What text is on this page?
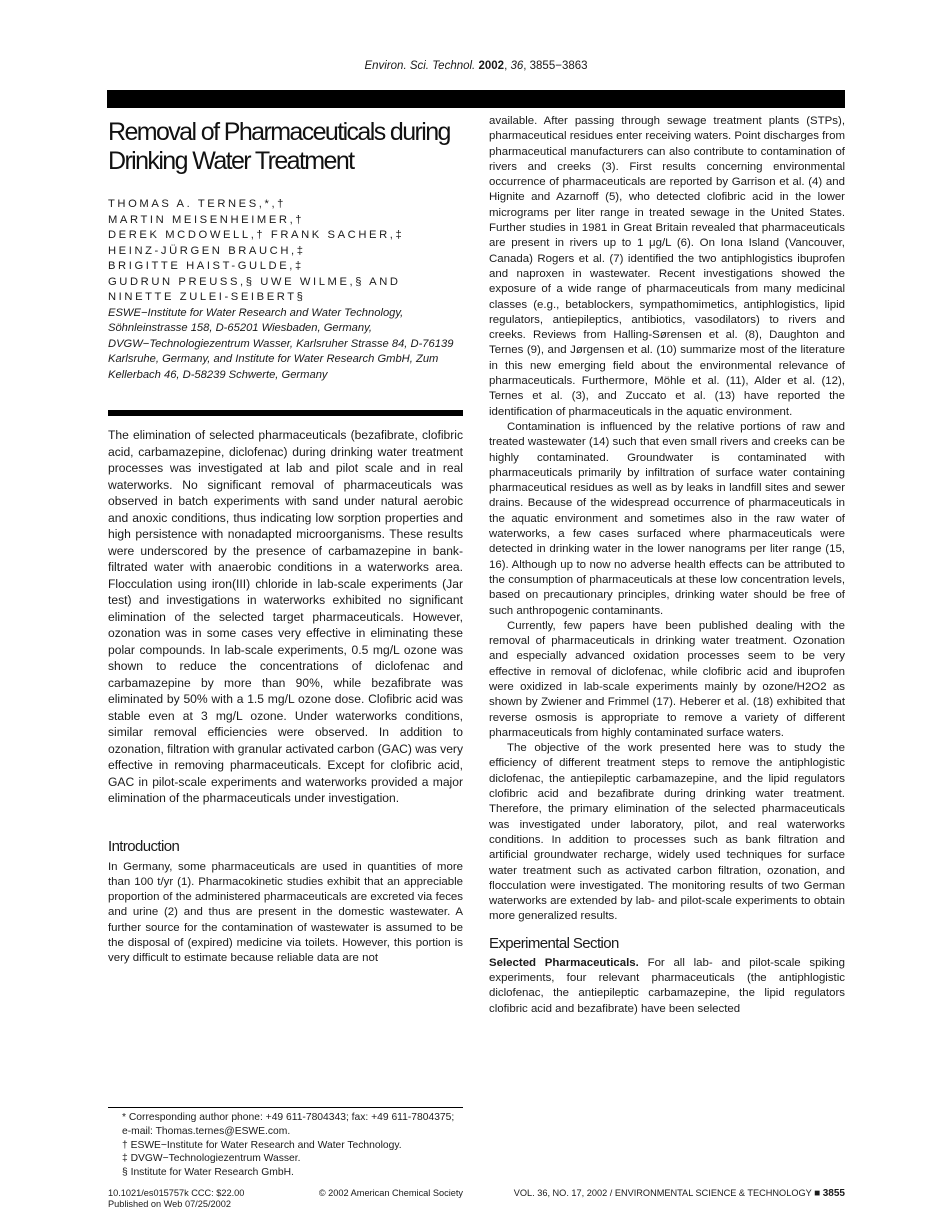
Environ. Sci. Technol. 2002, 36, 3855−3863
Removal of Pharmaceuticals during Drinking Water Treatment

THOMAS A. TERNES,*,†

MARTIN MEISENHEIMER,†

DEREK MCDOWELL,† FRANK SACHER,‡

HEINZ-JÜRGEN BRAUCH,‡

BRIGITTE HAIST-GULDE,‡

GUDRUN PREUSS,§ UWE WILME,§ AND

NINETTE ZULEI-SEIBERT§

ESWE−Institute for Water Research and Water Technology, Söhnleinstrasse 158, D-65201 Wiesbaden, Germany, DVGW−Technologiezentrum Wasser, Karlsruher Strasse 84, D-76139 Karlsruhe, Germany, and Institute for Water Research GmbH, Zum Kellerbach 46, D-58239 Schwerte, Germany

The elimination of selected pharmaceuticals (bezafibrate, clofibric acid, carbamazepine, diclofenac) during drinking water treatment processes was investigated at lab and pilot scale and in real waterworks. No significant removal of pharmaceuticals was observed in batch experiments with sand under natural aerobic and anoxic conditions, thus indicating low sorption properties and high persistence with nonadapted microorganisms. These results were underscored by the presence of carbamazepine in bank-filtrated water with anaerobic conditions in a waterworks area. Flocculation using iron(III) chloride in lab-scale experiments (Jar test) and investigations in waterworks exhibited no significant elimination of the selected target pharmaceuticals. However, ozonation was in some cases very effective in eliminating these polar compounds. In lab-scale experiments, 0.5 mg/L ozone was shown to reduce the concentrations of diclofenac and carbamazepine by more than 90%, while bezafibrate was eliminated by 50% with a 1.5 mg/L ozone dose. Clofibric acid was stable even at 3 mg/L ozone. Under waterworks conditions, similar removal efficiencies were observed. In addition to ozonation, filtration with granular activated carbon (GAC) was very effective in removing pharmaceuticals. Except for clofibric acid, GAC in pilot-scale experiments and waterworks provided a major elimination of the pharmaceuticals under investigation.

Introduction

In Germany, some pharmaceuticals are used in quantities of more than 100 t/yr (1). Pharmacokinetic studies exhibit that an appreciable proportion of the administered pharmaceuticals are excreted via feces and urine (2) and thus are present in the domestic wastewater. A further source for the contamination of wastewater is assumed to be the disposal of (expired) medicine via toilets. However, this portion is very difficult to estimate because reliable data are not

* Corresponding author phone: +49 611-7804343; fax: +49 611-7804375; e-mail: Thomas.ternes@ESWE.com.

† ESWE−Institute for Water Research and Water Technology.

‡ DVGW−Technologiezentrum Wasser.

§ Institute for Water Research GmbH.

available. After passing through sewage treatment plants (STPs), pharmaceutical residues enter receiving waters. Point discharges from pharmaceutical manufacturers can also contribute to contamination of rivers and creeks (3). First results concerning environmental occurrence of pharmaceuticals are reported by Garrison et al. (4) and Hignite and Azarnoff (5), who detected clofibric acid in the lower micrograms per liter range in treated sewage in the United States. Further studies in 1981 in Great Britain revealed that pharmaceuticals are present in rivers up to 1 μg/L (6). On Iona Island (Vancouver, Canada) Rogers et al. (7) identified the two antiphlogistics ibuprofen and naproxen in wastewater. Recent investigations showed the exposure of a wide range of pharmaceuticals from many medicinal classes (e.g., betablockers, sympathomimetics, antiphlogistics, lipid regulators, antiepileptics, antibiotics, vasodilators) to rivers and creeks. Reviews from Halling-Sørensen et al. (8), Daughton and Ternes (9), and Jørgensen et al. (10) summarize most of the literature in this new emerging field about the environmental relevance of pharmaceuticals. Furthermore, Möhle et al. (11), Alder et al. (12), Ternes et al. (3), and Zuccato et al. (13) have reported the identification of pharmaceuticals in the aquatic environment.

Contamination is influenced by the relative portions of raw and treated wastewater (14) such that even small rivers and creeks can be highly contaminated. Groundwater is contaminated with pharmaceuticals primarily by infiltration of surface water containing pharmaceutical residues as well as by leaks in landfill sites and sewer drains. Because of the widespread occurrence of pharmaceuticals in the aquatic environment and sometimes also in the raw water of waterworks, a few cases surfaced where pharmaceuticals were detected in drinking water in the lower nanograms per liter range (15, 16). Although up to now no adverse health effects can be attributed to the consumption of pharmaceuticals at these low concentration levels, based on precautionary principles, drinking water should be free of such anthropogenic contaminants.

Currently, few papers have been published dealing with the removal of pharmaceuticals in drinking water treatment. Ozonation and especially advanced oxidation processes seem to be very effective in removal of diclofenac, while clofibric acid and ibuprofen were oxidized in lab-scale experiments mainly by ozone/H2O2 as shown by Zwiener and Frimmel (17). Heberer et al. (18) exhibited that reverse osmosis is appropriate to remove a variety of different pharmaceuticals from highly contaminated surface waters.

The objective of the work presented here was to study the efficiency of different treatment steps to remove the antiphlogistic diclofenac, the antiepileptic carbamazepine, and the lipid regulators clofibric acid and bezafibrate during drinking water treatment. Therefore, the primary elimination of the selected pharmaceuticals was investigated under laboratory, pilot, and real waterworks conditions. In addition to processes such as bank filtration and artificial groundwater recharge, widely used techniques for surface water treatment such as activated carbon filtration, ozonation, and flocculation were investigated. The monitoring results of two German waterworks are extended by lab- and pilot-scale experiments to obtain more generalized results.

Experimental Section

Selected Pharmaceuticals. For all lab- and pilot-scale spiking experiments, four relevant pharmaceuticals (the antiphlogistic diclofenac, the antiepileptic carbamazepine, the lipid regulators clofibric acid and bezafibrate) have been selected

10.1021/es015757k CCC: $22.00	© 2002 American Chemical Society
Published on Web 07/25/2002
VOL. 36, NO. 17, 2002 / ENVIRONMENTAL SCIENCE & TECHNOLOGY ■ 3855
